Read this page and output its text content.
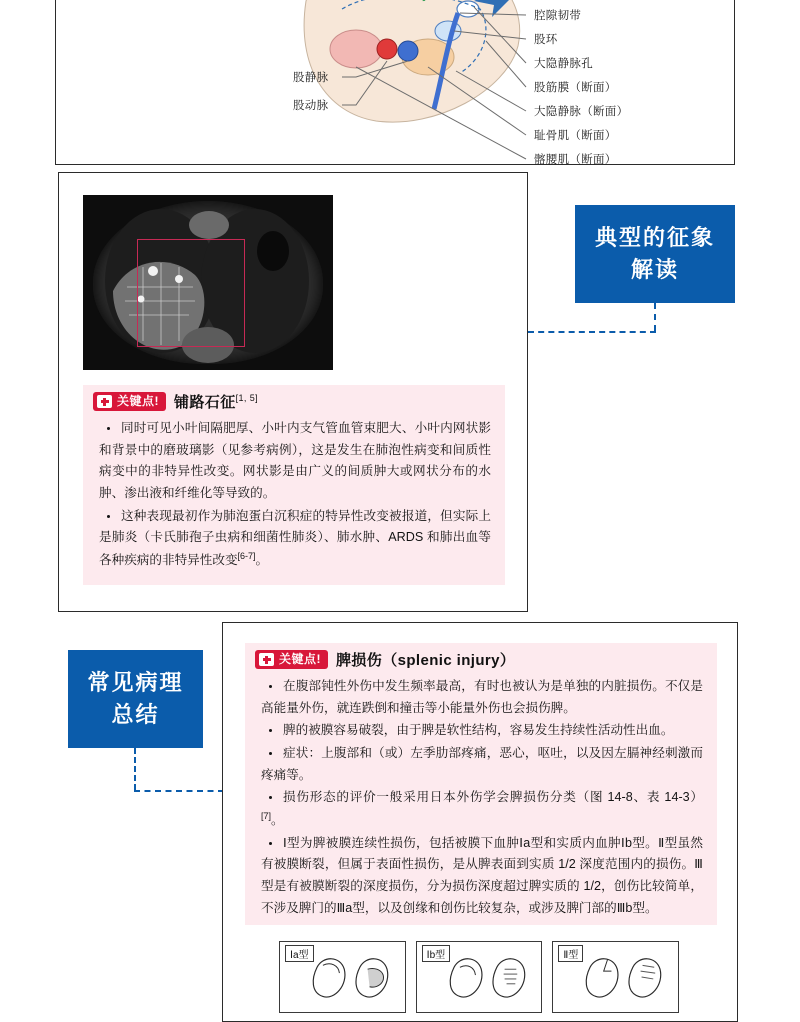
股静脉
股动脉
腔隙韧带
股环
大隐静脉孔
股筋膜（断面）
大隐静脉（断面）
耻骨肌（断面）
髂腰肌（断面）
典型的征象
解读
关键点! 铺路石征[1, 5]
同时可见小叶间隔肥厚、小叶内支气管血管束肥大、小叶内网状影和背景中的磨玻璃影（见参考病例），这是发生在肺泡性病变和间质性病变中的非特异性改变。网状影是由广义的间质肿大或网状分布的水肿、渗出液和纤维化等导致的。
这种表现最初作为肺泡蛋白沉积症的特异性改变被报道，但实际上是肺炎（卡氏肺孢子虫病和细菌性肺炎）、肺水肿、ARDS 和肺出血等各种疾病的非特异性改变[6-7]。
常见病理
总结
关键点! 脾损伤（splenic injury）
在腹部钝性外伤中发生频率最高，有时也被认为是单独的内脏损伤。不仅是高能量外伤，就连跌倒和撞击等小能量外伤也会损伤脾。
脾的被膜容易破裂，由于脾是软性结构，容易发生持续性活动性出血。
症状：上腹部和（或）左季肋部疼痛，恶心，呕吐，以及因左膈神经刺激而疼痛等。
损伤形态的评价一般采用日本外伤学会脾损伤分类（图 14-8、表 14-3）[7]。
Ⅰ型为脾被膜连续性损伤，包括被膜下血肿Ⅰa型和实质内血肿Ⅰb型。Ⅱ型虽然有被膜断裂，但属于表面性损伤，是从脾表面到实质 1/2 深度范围内的损伤。Ⅲ型是有被膜断裂的深度损伤，分为损伤深度超过脾实质的 1/2，创伤比较简单，不涉及脾门的Ⅲa型，以及创缘和创伤比较复杂，或涉及脾门部的Ⅲb型。
Ⅰa型	Ⅰb型	Ⅱ型
